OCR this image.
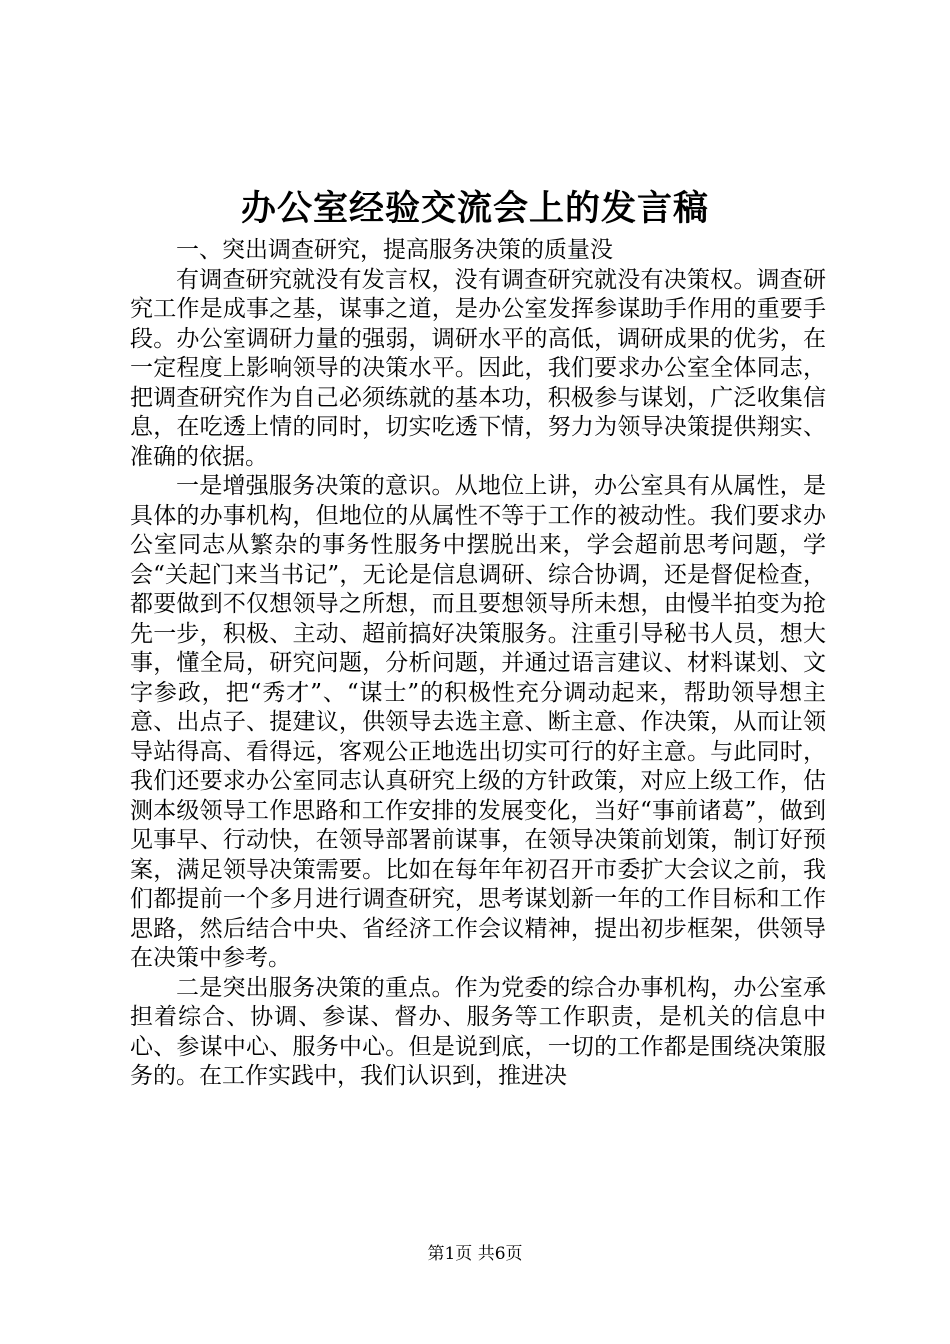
办公室经验交流会上的发言稿

一、突出调查研究，提高服务决策的质量没

有调查研究就没有发言权，没有调查研究就没有决策权。调查研究工作是成事之基，谋事之道，是办公室发挥参谋助手作用的重要手段。办公室调研力量的强弱，调研水平的高低，调研成果的优劣，在一定程度上影响领导的决策水平。因此，我们要求办公室全体同志，把调查研究作为自己必须练就的基本功，积极参与谋划，广泛收集信息，在吃透上情的同时，切实吃透下情，努力为领导决策提供翔实、准确的依据。

一是增强服务决策的意识。从地位上讲，办公室具有从属性，是具体的办事机构，但地位的从属性不等于工作的被动性。我们要求办公室同志从繁杂的事务性服务中摆脱出来，学会超前思考问题，学会“关起门来当书记”，无论是信息调研、综合协调，还是督促检查，都要做到不仅想领导之所想，而且要想领导所未想，由慢半拍变为抢先一步，积极、主动、超前搞好决策服务。注重引导秘书人员，想大事，懂全局，研究问题，分析问题，并通过语言建议、材料谋划、文字参政，把“秀才”、“谋士”的积极性充分调动起来，帮助领导想主意、出点子、提建议，供领导去选主意、断主意、作决策，从而让领导站得高、看得远，客观公正地选出切实可行的好主意。与此同时，我们还要求办公室同志认真研究上级的方针政策，对应上级工作，估测本级领导工作思路和工作安排的发展变化，当好“事前诸葛”，做到见事早、行动快，在领导部署前谋事，在领导决策前划策，制订好预案，满足领导决策需要。比如在每年年初召开市委扩大会议之前，我们都提前一个多月进行调查研究，思考谋划新一年的工作目标和工作思路，然后结合中央、省经济工作会议精神，提出初步框架，供领导在决策中参考。

二是突出服务决策的重点。作为党委的综合办事机构，办公室承担着综合、协调、参谋、督办、服务等工作职责，是机关的信息中心、参谋中心、服务中心。但是说到底，一切的工作都是围绕决策服务的。在工作实践中，我们认识到，推进决

第1页 共6页
